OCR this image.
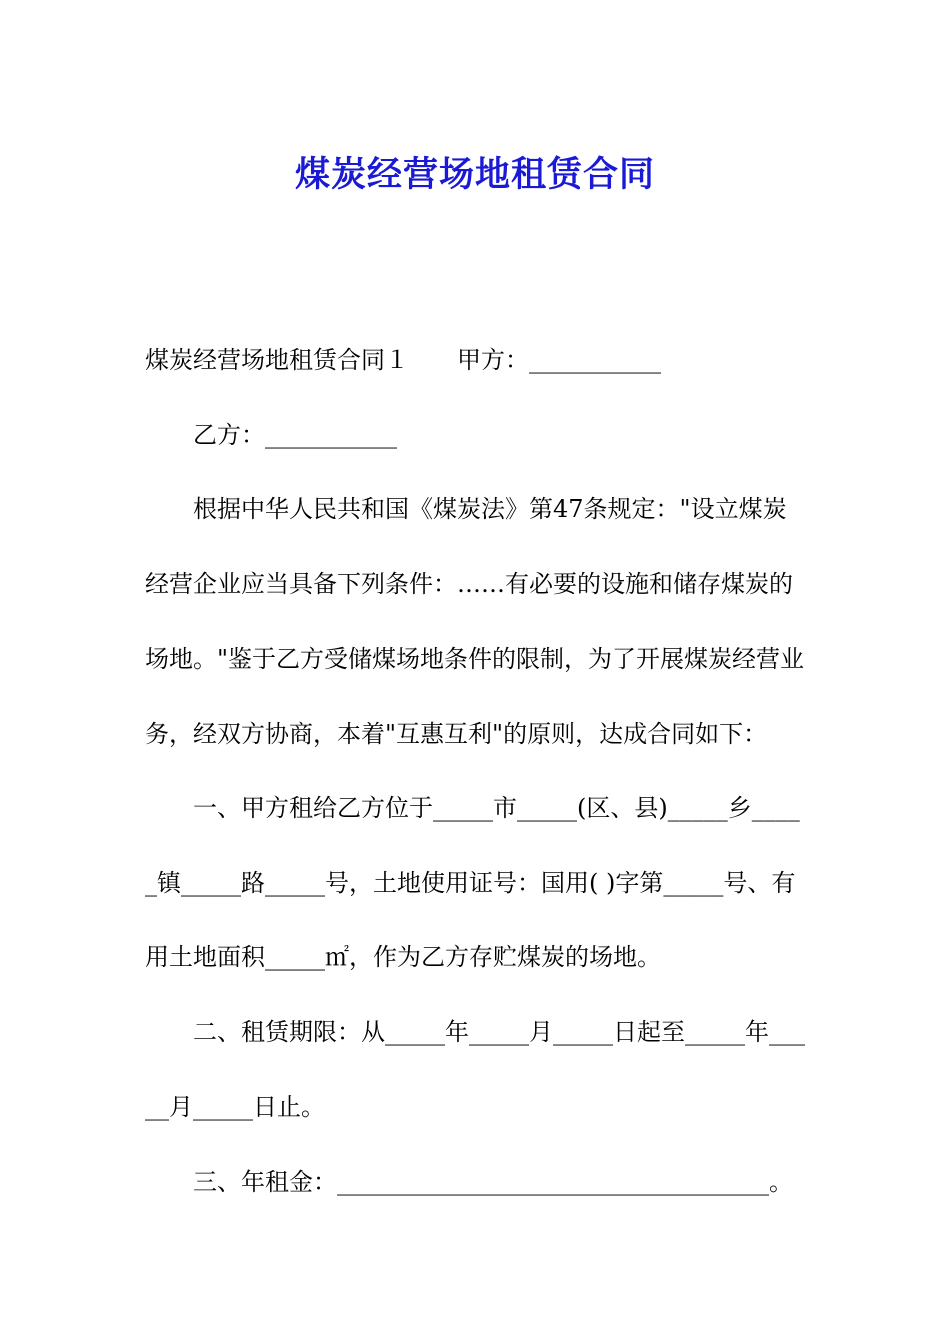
煤炭经营场地租赁合同

煤炭经营场地租赁合同１　　甲方：___________

　　乙方：___________

　　根据中华人民共和国《煤炭法》第47条规定："设立煤炭

经营企业应当具备下列条件：……有必要的设施和储存煤炭的

场地。"鉴于乙方受储煤场地条件的限制，为了开展煤炭经营业

务，经双方协商，本着"互惠互利"的原则，达成合同如下：

　　一、甲方租给乙方位于_____市_____(区、县)_____乡____

_镇_____路_____号，土地使用证号：国用( )字第_____号、有

用土地面积_____㎡，作为乙方存贮煤炭的场地。

　　二、租赁期限：从_____年_____月_____日起至_____年___

__月_____日止。

　　三、年租金：____________________________________。
